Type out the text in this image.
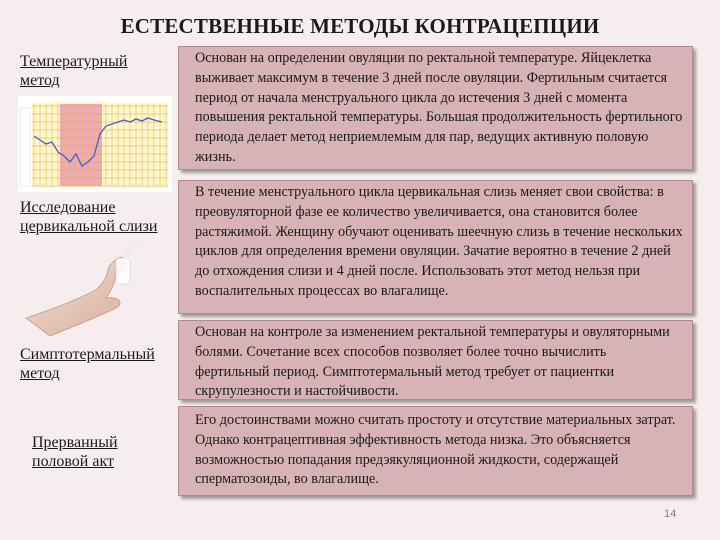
ЕСТЕСТВЕННЫЕ МЕТОДЫ КОНТРАЦЕПЦИИ
Температурный метод
Исследование цервикальной слизи
Симптотермальный метод
Прерванный половой акт
Основан на определении овуляции по ректальной температуре. Яйцеклетка выживает максимум в течение 3 дней после овуляции. Фертильным считается период от начала менструального цикла до истечения 3 дней с момента повышения ректальной температуры. Большая продолжительность фертильного периода делает метод неприемлемым для пар, ведущих активную половую жизнь.
В течение менструального цикла цервикальная слизь меняет свои свойства: в преовуляторной фазе ее количество увеличивается, она становится более растяжимой. Женщину обучают оценивать шеечную слизь в течение нескольких циклов для определения времени овуляции. Зачатие вероятно в течение 2 дней до отхождения слизи и 4 дней после. Использовать этот метод нельзя при воспалительных процессах во влагалище.
Основан на контроле за изменением ректальной температуры и овуляторными болями. Сочетание всех способов позволяет более точно вычислить фертильный период. Симптотермальный метод требует от пациентки скрупулезности и настойчивости.
Его достоинствами можно считать простоту и отсутствие материальных затрат. Однако контрацептивная эффективность метода низка. Это объясняется возможностью попадания предэякуляционной жидкости, содержащей сперматозоиды, во влагалище.
14
